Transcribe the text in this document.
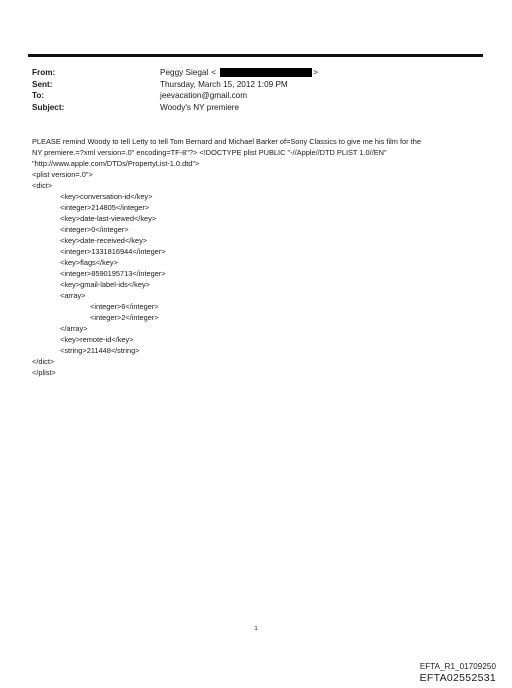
From:	Peggy Siegal <	>
Sent:	Thursday, March 15, 2012 1:09 PM
To:	jeevacation@gmail.com
Subject:	Woody's NY premiere
PLEASE remind Woody to tell Letty to tell Tom Bernard and Michael Barker of=Sony Classics to give me his film for the
NY premiere.=?xml version=.0" encoding=TF-8"?> <!DOCTYPE plist PUBLIC "-//Apple//DTD PLIST 1.0//EN"
"http://www.apple.com/DTDs/PropertyList-1.0.dtd">
<plist version=.0">
<dict>
<key>conversation-id</key>
<integer>214805</integer>
<key>date-last-viewed</key>
<integer>0</integer>
<key>date-received</key>
<integer>1331816944</integer>
<key>flags</key>
<integer>8590195713</integer>
<key>gmail-label-ids</key>
<array>
<integer>6</integer>
<integer>2</integer>
</array>
<key>remote-id</key>
<string>211448</string>
</dict>
</plist>
1
EFTA_R1_01709250
EFTA02552531
